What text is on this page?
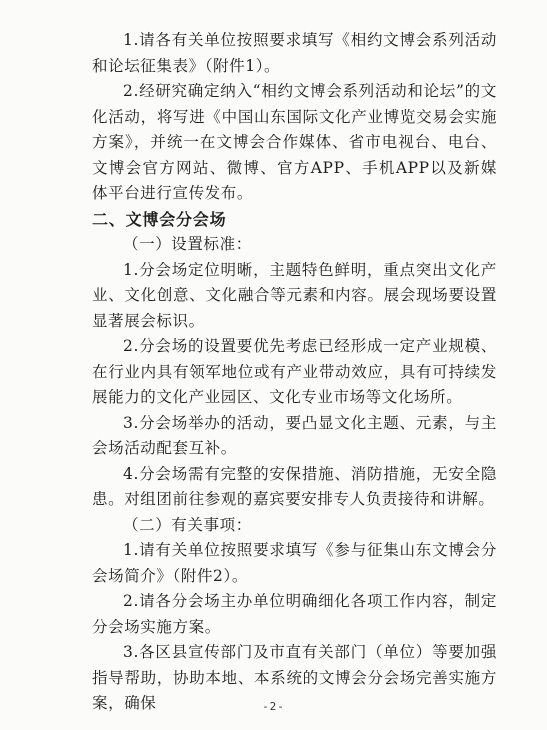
1.请各有关单位按照要求填写《相约文博会系列活动和论坛征集表》（附件1）。

2.经研究确定纳入“相约文博会系列活动和论坛”的文化活动，将写进《中国山东国际文化产业博览交易会实施方案》，并统一在文博会合作媒体、省市电视台、电台、文博会官方网站、微博、官方APP、手机APP以及新媒体平台进行宣传发布。

二、文博会分会场

（一）设置标准：

1.分会场定位明晰，主题特色鲜明，重点突出文化产业、文化创意、文化融合等元素和内容。展会现场要设置显著展会标识。

2.分会场的设置要优先考虑已经形成一定产业规模、在行业内具有领军地位或有产业带动效应，具有可持续发展能力的文化产业园区、文化专业市场等文化场所。

3.分会场举办的活动，要凸显文化主题、元素，与主会场活动配套互补。

4.分会场需有完整的安保措施、消防措施，无安全隐患。对组团前往参观的嘉宾要安排专人负责接待和讲解。

（二）有关事项：

1.请有关单位按照要求填写《参与征集山东文博会分会场简介》（附件2）。

2.请各分会场主办单位明确细化各项工作内容，制定分会场实施方案。

3.各区县宣传部门及市直有关部门（单位）等要加强指导帮助，协助本地、本系统的文博会分会场完善实施方案，确保	-2-
